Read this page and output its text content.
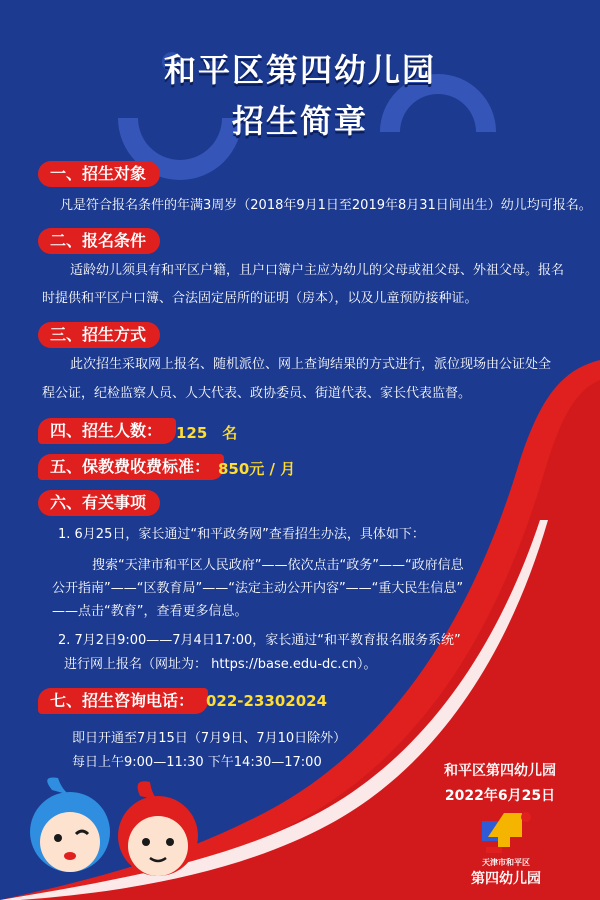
和平区第四幼儿园
招生简章
一、招生对象
凡是符合报名条件的年满3周岁（2018年9月1日至2019年8月31日间出生）幼儿均可报名。
二、报名条件
适龄幼儿须具有和平区户籍，且户口簿户主应为幼儿的父母或祖父母、外祖父母。报名
时提供和平区户口簿、合法固定居所的证明（房本），以及儿童预防接种证。
三、招生方式
此次招生采取网上报名、随机派位、网上查询结果的方式进行，派位现场由公证处全
程公证，纪检监察人员、人大代表、政协委员、街道代表、家长代表监督。
四、招生人数： 125　名
五、保教费收费标准： 850元 / 月
六、有关事项
1. 6月25日，家长通过“和平政务网”查看招生办法，具体如下：
搜索“天津市和平区人民政府”——依次点击“政务”——“政府信息
公开指南”——“区教育局”——“法定主动公开内容”——“重大民生信息”
——点击“教育”，查看更多信息。
2. 7月2日9:00——7月4日17:00，家长通过“和平教育报名服务系统”
进行网上报名（网址为： https://base.edu-dc.cn）。
七、招生咨询电话： 022-23302024
即日开通至7月15日（7月9日、7月10日除外）
每日上午9:00—11:30 下午14:30—17:00
和平区第四幼儿园
2022年6月25日
天津市和平区
第四幼儿园
